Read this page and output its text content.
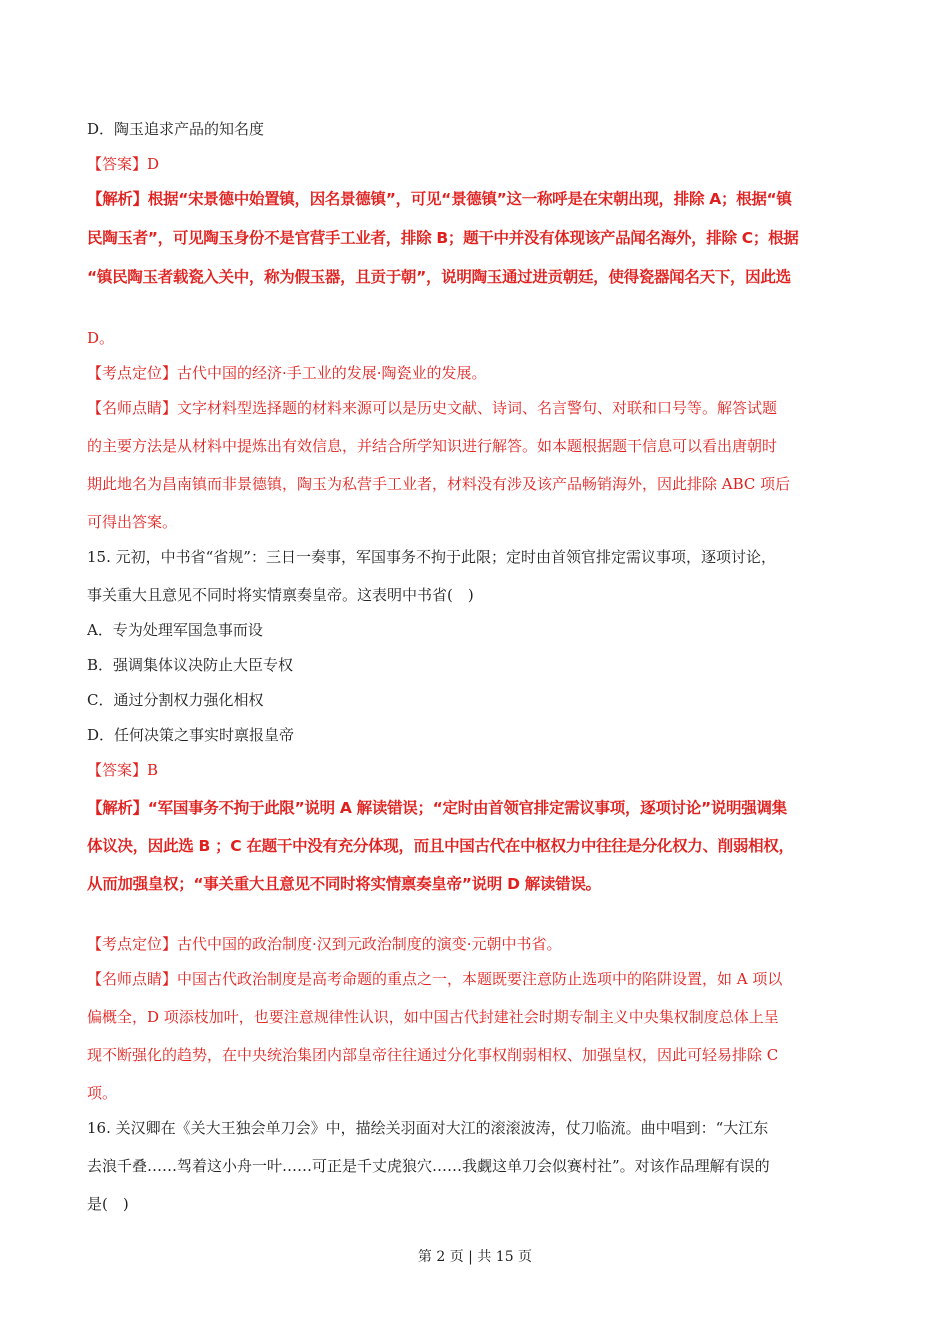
D．陶玉追求产品的知名度
【答案】D
【解析】根据“宋景德中始置镇，因名景德镇”，可见“景德镇”这一称呼是在宋朝出现，排除 A；根据“镇
民陶玉者”，可见陶玉身份不是官营手工业者，排除 B；题干中并没有体现该产品闻名海外，排除 C；根据
“镇民陶玉者载瓷入关中，称为假玉器，且贡于朝”，说明陶玉通过进贡朝廷，使得瓷器闻名天下，因此选
D。
【考点定位】古代中国的经济·手工业的发展·陶瓷业的发展。
【名师点睛】文字材料型选择题的材料来源可以是历史文献、诗词、名言警句、对联和口号等。解答试题
的主要方法是从材料中提炼出有效信息，并结合所学知识进行解答。如本题根据题干信息可以看出唐朝时
期此地名为昌南镇而非景德镇，陶玉为私营手工业者，材料没有涉及该产品畅销海外，因此排除 ABC 项后
可得出答案。
15. 元初，中书省“省规”：三日一奏事，军国事务不拘于此限；定时由首领官排定需议事项，逐项讨论，
事关重大且意见不同时将实情禀奏皇帝。这表明中书省(　)
A．专为处理军国急事而设
B．强调集体议决防止大臣专权
C．通过分割权力强化相权
D．任何决策之事实时禀报皇帝
【答案】B
【解析】“军国事务不拘于此限”说明 A 解读错误；“定时由首领官排定需议事项，逐项讨论”说明强调集
体议决，因此选 B ；C 在题干中没有充分体现，而且中国古代在中枢权力中往往是分化权力、削弱相权，
从而加强皇权；“事关重大且意见不同时将实情禀奏皇帝”说明 D 解读错误。
【考点定位】古代中国的政治制度·汉到元政治制度的演变·元朝中书省。
【名师点睛】中国古代政治制度是高考命题的重点之一，本题既要注意防止选项中的陷阱设置，如 A 项以
偏概全，D 项添枝加叶，也要注意规律性认识，如中国古代封建社会时期专制主义中央集权制度总体上呈
现不断强化的趋势，在中央统治集团内部皇帝往往通过分化事权削弱相权、加强皇权，因此可轻易排除 C
项。
16. 关汉卿在《关大王独会单刀会》中，描绘关羽面对大江的滚滚波涛，仗刀临流。曲中唱到：“大江东
去浪千叠……驾着这小舟一叶……可正是千丈虎狼穴……我觑这单刀会似赛村社”。对该作品理解有误的
是(　)
第 2 页 | 共 15 页
